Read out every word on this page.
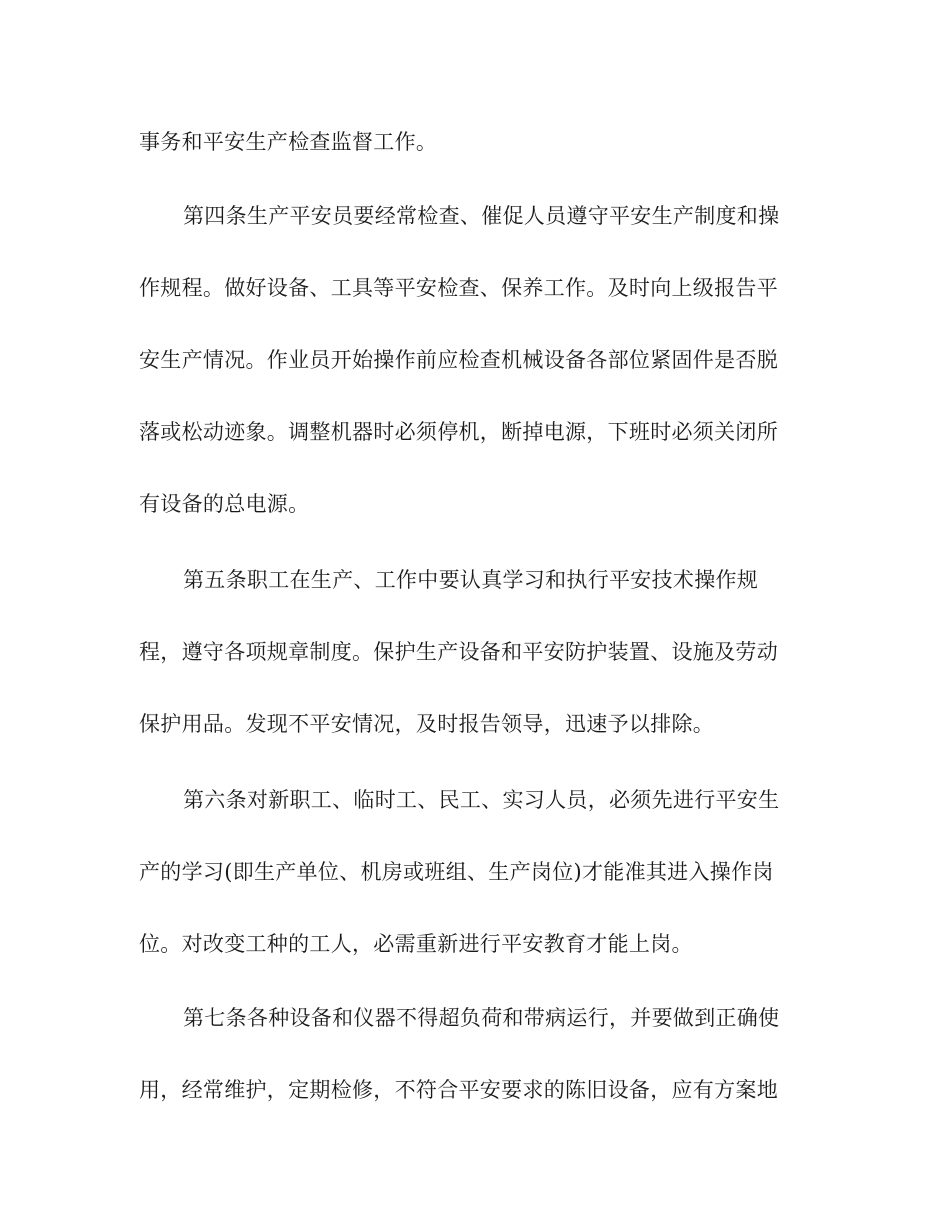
事务和平安生产检查监督工作。
第四条生产平安员要经常检查、催促人员遵守平安生产制度和操
作规程。做好设备、工具等平安检查、保养工作。及时向上级报告平
安生产情况。作业员开始操作前应检查机械设备各部位紧固件是否脱
落或松动迹象。调整机器时必须停机，断掉电源，下班时必须关闭所
有设备的总电源。
第五条职工在生产、工作中要认真学习和执行平安技术操作规
程，遵守各项规章制度。保护生产设备和平安防护装置、设施及劳动
保护用品。发现不平安情况，及时报告领导，迅速予以排除。
第六条对新职工、临时工、民工、实习人员，必须先进行平安生
产的学习(即生产单位、机房或班组、生产岗位)才能准其进入操作岗
位。对改变工种的工人，必需重新进行平安教育才能上岗。
第七条各种设备和仪器不得超负荷和带病运行，并要做到正确使
用，经常维护，定期检修，不符合平安要求的陈旧设备，应有方案地
